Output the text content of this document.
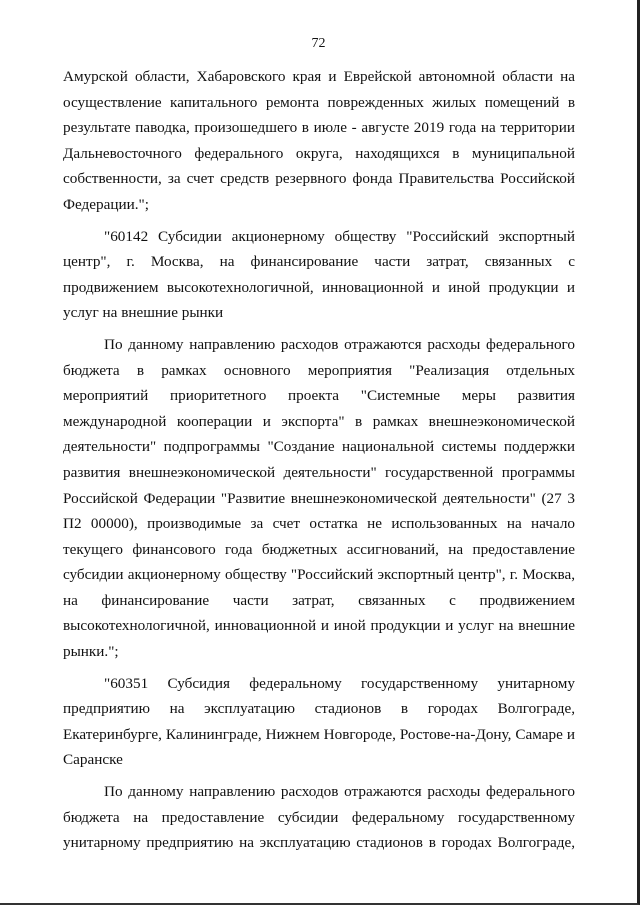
72

Амурской области, Хабаровского края и Еврейской автономной области на осуществление капитального ремонта поврежденных жилых помещений в результате паводка, произошедшего в июле - августе 2019 года на территории Дальневосточного федерального округа, находящихся в муниципальной собственности, за счет средств резервного фонда Правительства Российской Федерации.";

"60142 Субсидии акционерному обществу "Российский экспортный центр", г. Москва, на финансирование части затрат, связанных с продвижением высокотехнологичной, инновационной и иной продукции и услуг на внешние рынки

По данному направлению расходов отражаются расходы федерального бюджета в рамках основного мероприятия "Реализация отдельных мероприятий приоритетного проекта "Системные меры развития международной кооперации и экспорта" в рамках внешнеэкономической деятельности" подпрограммы "Создание национальной системы поддержки развития внешнеэкономической деятельности" государственной программы Российской Федерации "Развитие внешнеэкономической деятельности" (27 3 П2 00000), производимые за счет остатка не использованных на начало текущего финансового года бюджетных ассигнований, на предоставление субсидии акционерному обществу "Российский экспортный центр", г. Москва, на финансирование части затрат, связанных с продвижением высокотехнологичной, инновационной и иной продукции и услуг на внешние рынки.";

"60351 Субсидия федеральному государственному унитарному предприятию на эксплуатацию стадионов в городах Волгограде, Екатеринбурге, Калининграде, Нижнем Новгороде, Ростове-на-Дону, Самаре и Саранске

По данному направлению расходов отражаются расходы федерального бюджета на предоставление субсидии федеральному государственному унитарному предприятию на эксплуатацию стадионов в городах Волгограде,
